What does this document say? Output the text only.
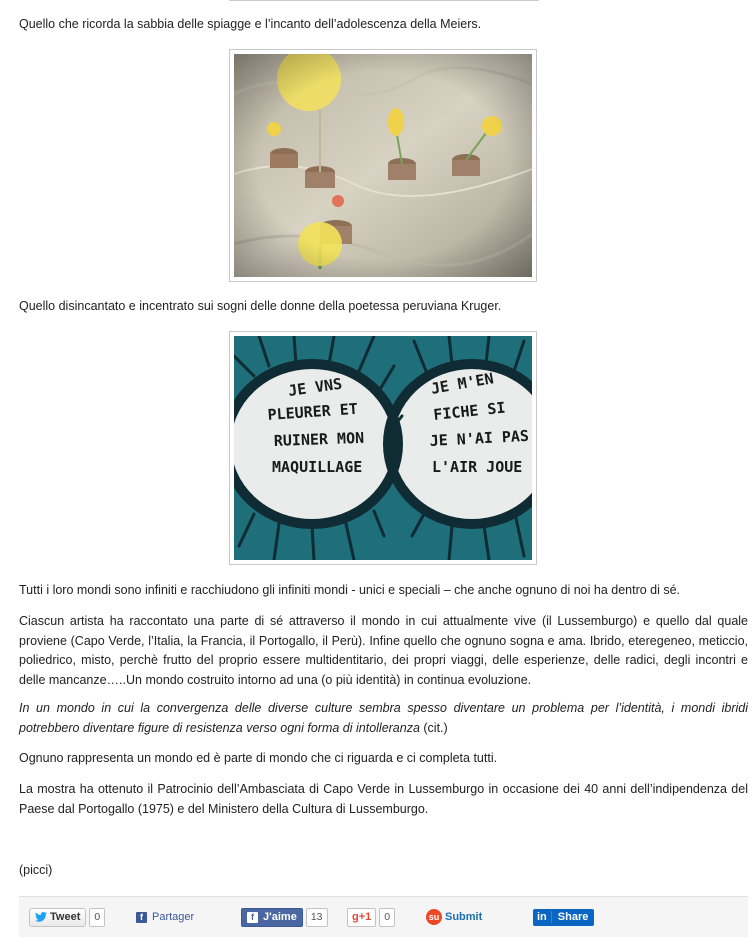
Quello che ricorda la sabbia delle spiagge e l’incanto dell’adolescenza della Meiers.

Quello disincantato e incentrato sui sogni delle donne della poetessa peruviana Kruger.

JE VNS
PLEURER ET
RUINER MON
MAQUILLAGE
JE M'EN
FICHE SI
JE N'AI PAS
L'AIR JOUE

Tutti i loro mondi sono infiniti e racchiudono gli infiniti mondi - unici e speciali – che anche ognuno di noi ha dentro di sé.

Ciascun artista ha raccontato una parte di sé attraverso il mondo in cui attualmente vive (il Lussemburgo) e quello dal quale proviene (Capo Verde, l’Italia, la Francia, il Portogallo, il Perù). Infine quello che ognuno sogna e ama. Ibrido, eteregeneo, meticcio, poliedrico, misto, perchè frutto del proprio essere multidentitario, dei propri viaggi, delle esperienze, delle radici, degli incontri e delle mancanze…..Un mondo costruito intorno ad una (o più identità) in continua evoluzione.

In un mondo in cui la convergenza delle diverse culture sembra spesso diventare un problema per l’identità, i mondi ibridi potrebbero diventare figure di resistenza verso ogni forma di intolleranza (cit.)

Ognuno rappresenta un mondo ed è parte di mondo che ci riguarda e ci completa tutti.

La mostra ha ottenuto il Patrocinio dell’Ambasciata di Capo Verde in Lussemburgo in occasione dei 40 anni dell’indipendenza del Paese dal Portogallo (1975) e del Ministero della Cultura di Lussemburgo.

(picci)

Tweet	0	f Partager	f J'aime	13	g +1	0	su Submit	in	Share
